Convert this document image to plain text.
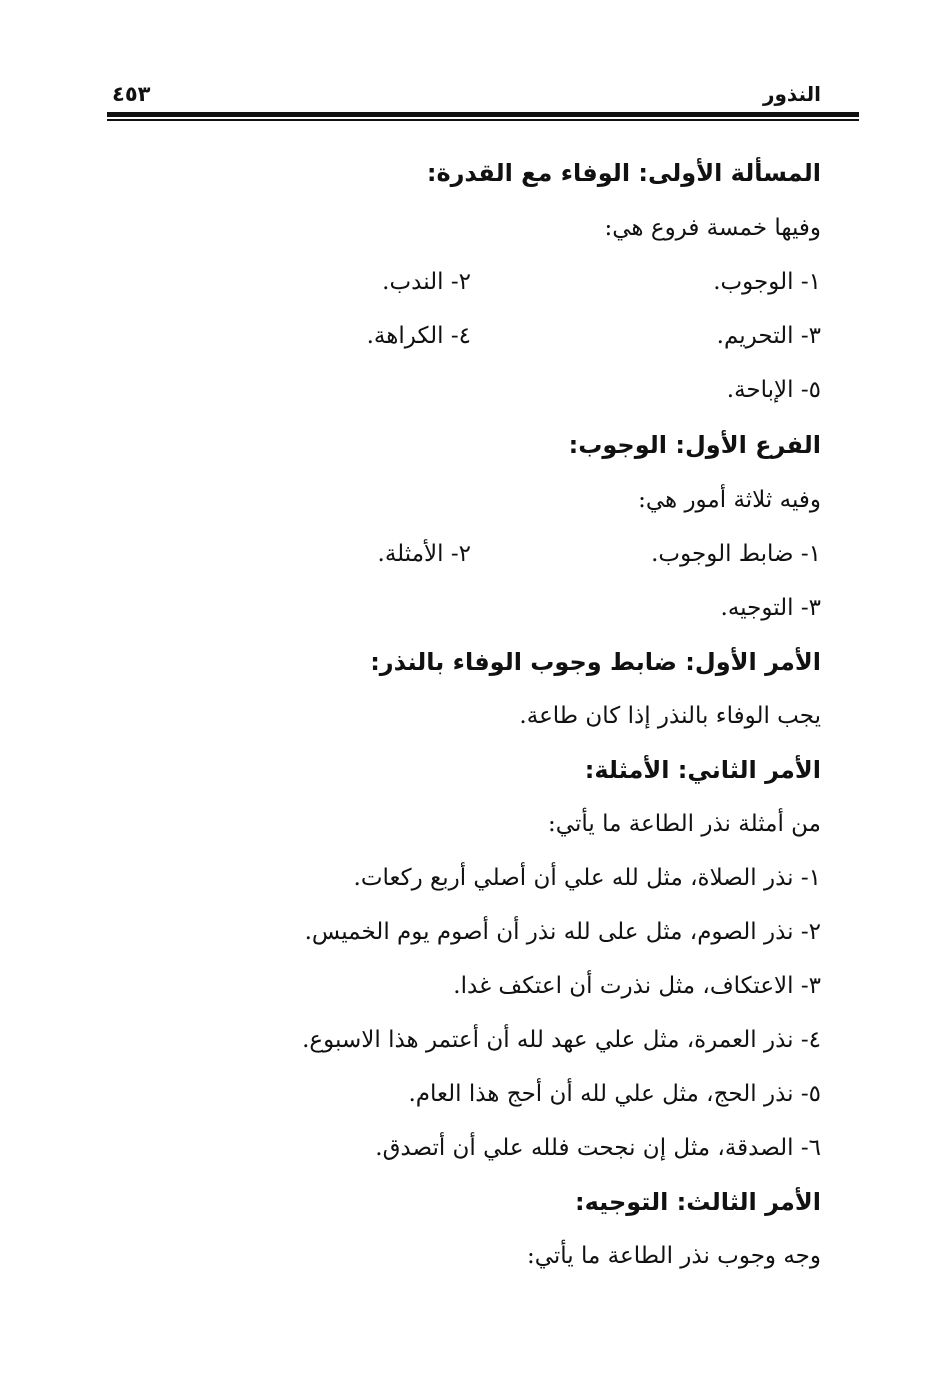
النذور
٤٥٣
المسألة الأولى: الوفاء مع القدرة:
وفيها خمسة فروع هي:
١- الوجوب.
٢- الندب.
٣- التحريم.
٤- الكراهة.
٥- الإباحة.
الفرع الأول: الوجوب:
وفيه ثلاثة أمور هي:
١- ضابط الوجوب.
٢- الأمثلة.
٣- التوجيه.
الأمر الأول: ضابط وجوب الوفاء بالنذر:
يجب الوفاء بالنذر إذا كان طاعة.
الأمر الثاني: الأمثلة:
من أمثلة نذر الطاعة ما يأتي:
١- نذر الصلاة، مثل لله علي أن أصلي أربع ركعات.
٢- نذر الصوم، مثل على لله نذر أن أصوم يوم الخميس.
٣- الاعتكاف، مثل نذرت أن اعتكف غدا.
٤- نذر العمرة، مثل علي عهد لله أن أعتمر هذا الاسبوع.
٥- نذر الحج، مثل علي لله أن أحج هذا العام.
٦- الصدقة، مثل إن نجحت فلله علي أن أتصدق.
الأمر الثالث: التوجيه:
وجه وجوب نذر الطاعة ما يأتي:
